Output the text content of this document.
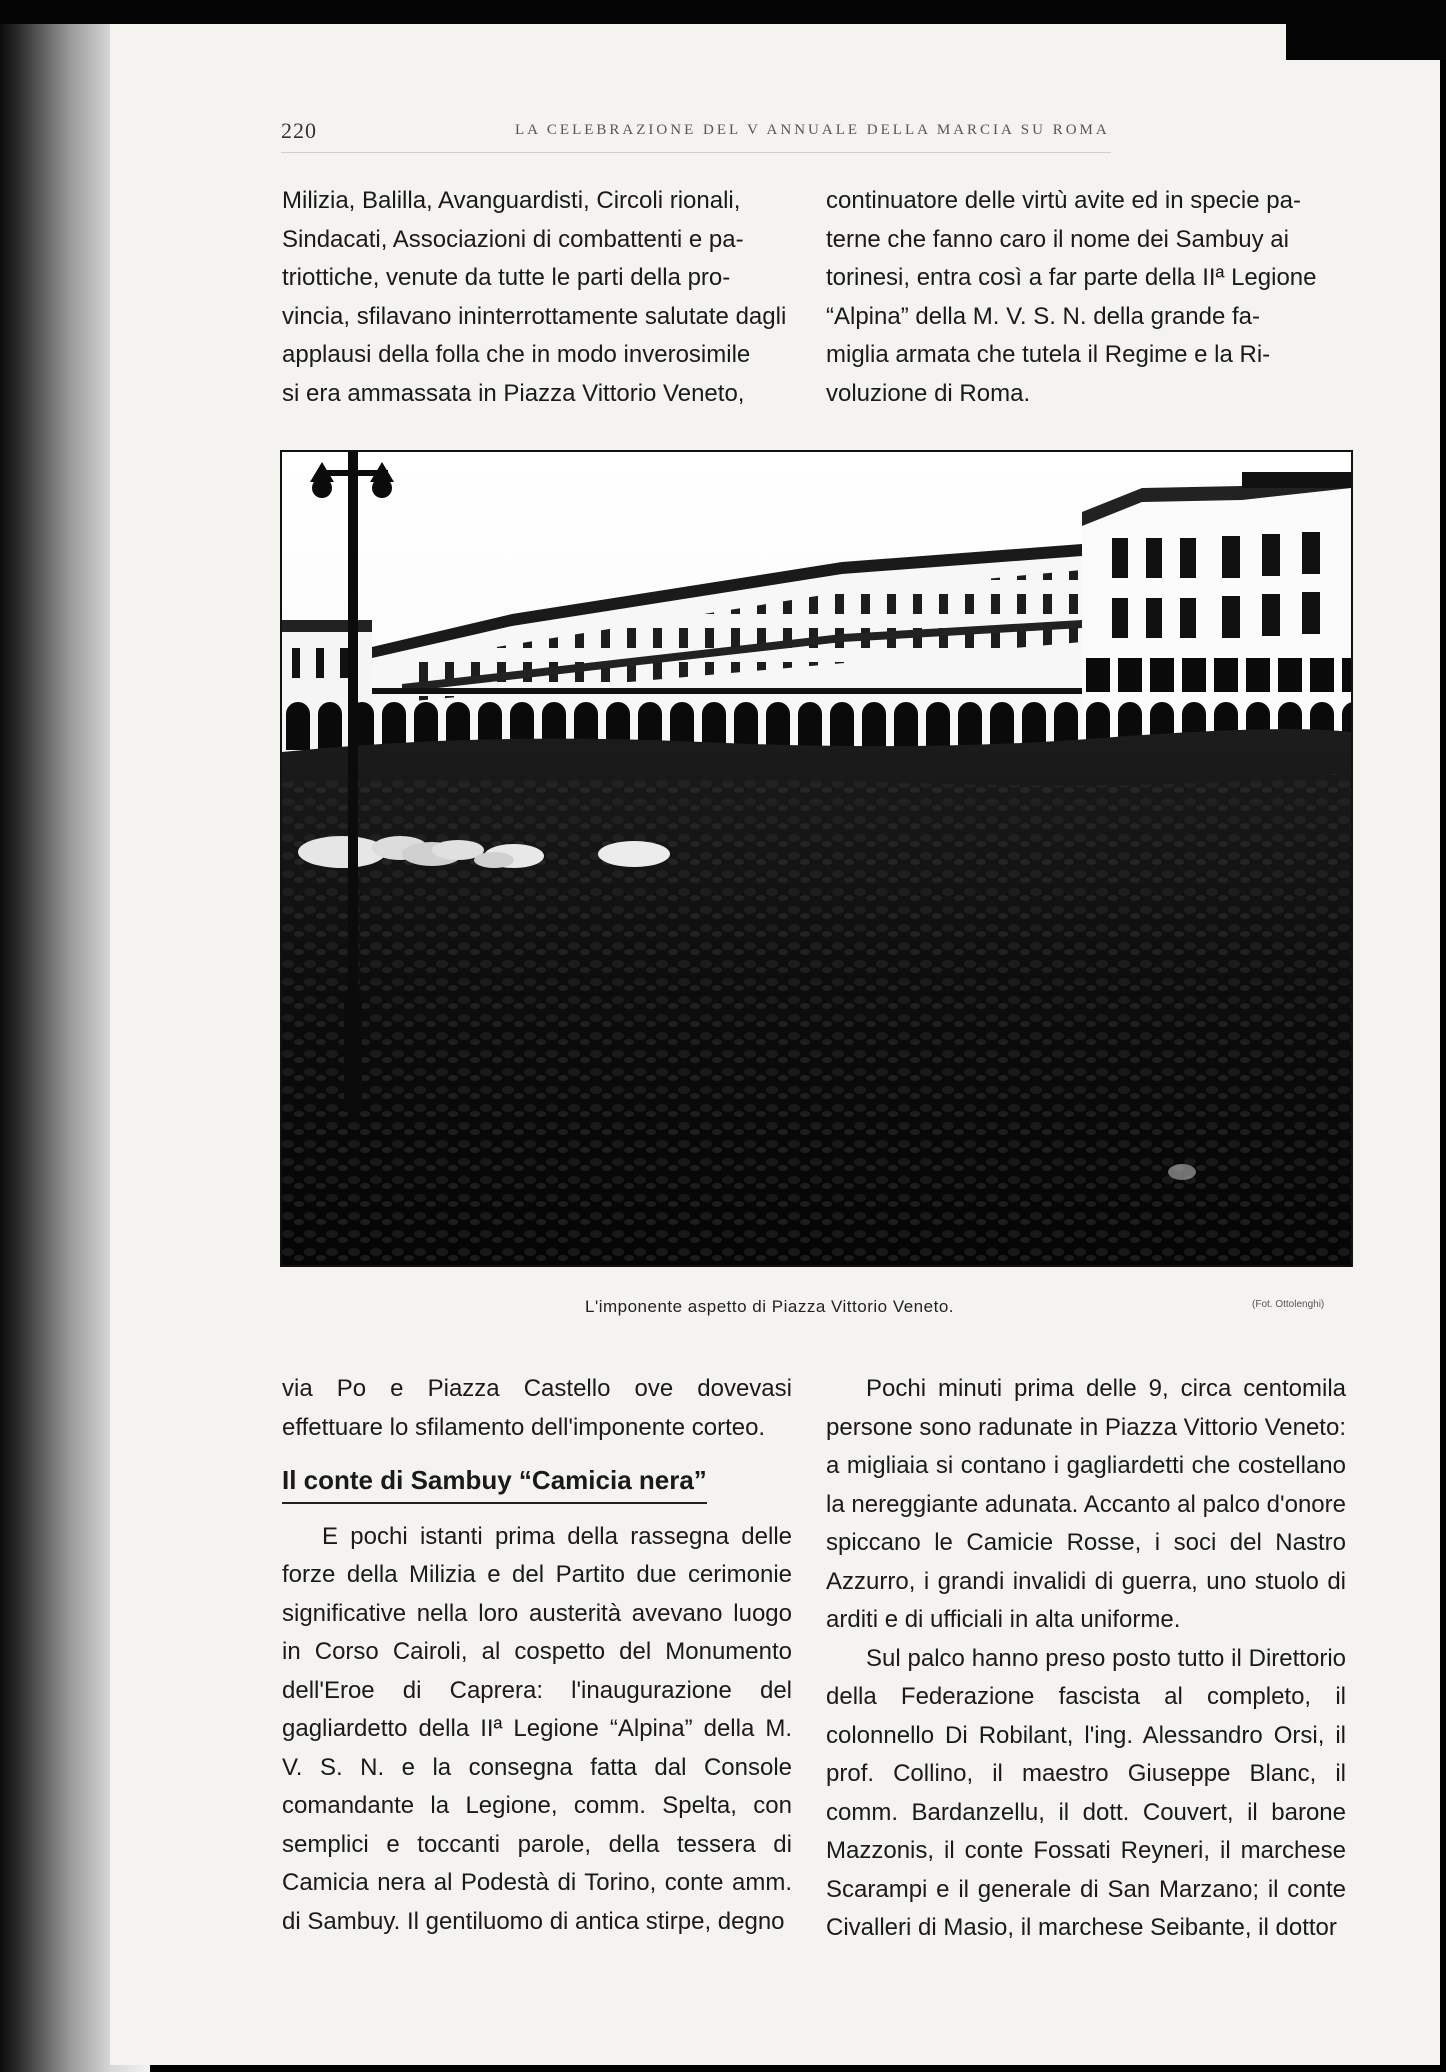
220	LA CELEBRAZIONE DEL V ANNUALE DELLA MARCIA SU ROMA
Milizia, Balilla, Avanguardisti, Circoli rionali,
Sindacati, Associazioni di combattenti e pa-
triottiche, venute da tutte le parti della pro-
vincia, sfilavano ininterrottamente salutate dagli
applausi della folla che in modo inverosimile
si era ammassata in Piazza Vittorio Veneto,
continuatore delle virtù avite ed in specie pa-
terne che fanno caro il nome dei Sambuy ai
torinesi, entra così a far parte della IIª Legione
“Alpina” della M. V. S. N. della grande fa-
miglia armata che tutela il Regime e la Ri-
voluzione di Roma.
L'imponente aspetto di Piazza Vittorio Veneto.	(Fot. Ottolenghi)

via Po e Piazza Castello ove dovevasi effettuare lo sfilamento dell'imponente corteo.

Il conte di Sambuy “Camicia nera”

E pochi istanti prima della rassegna delle forze della Milizia e del Partito due cerimonie significative nella loro austerità avevano luogo in Corso Cairoli, al cospetto del Monumento dell'Eroe di Caprera: l'inaugurazione del gagliardetto della IIª Legione “Alpina” della M. V. S. N. e la consegna fatta dal Console comandante la Legione, comm. Spelta, con semplici e toccanti parole, della tessera di Camicia nera al Podestà di Torino, conte amm. di Sambuy. Il gentiluomo di antica stirpe, degno

Pochi minuti prima delle 9, circa centomila persone sono radunate in Piazza Vittorio Veneto: a migliaia si contano i gagliardetti che costellano la nereggiante adunata. Accanto al palco d'onore spiccano le Camicie Rosse, i soci del Nastro Azzurro, i grandi invalidi di guerra, uno stuolo di arditi e di ufficiali in alta uniforme.

Sul palco hanno preso posto tutto il Direttorio della Federazione fascista al completo, il colonnello Di Robilant, l'ing. Alessandro Orsi, il prof. Collino, il maestro Giuseppe Blanc, il comm. Bardanzellu, il dott. Couvert, il barone Mazzonis, il conte Fossati Reyneri, il marchese Scarampi e il generale di San Marzano; il conte Civalleri di Masio, il marchese Seibante, il dottor
